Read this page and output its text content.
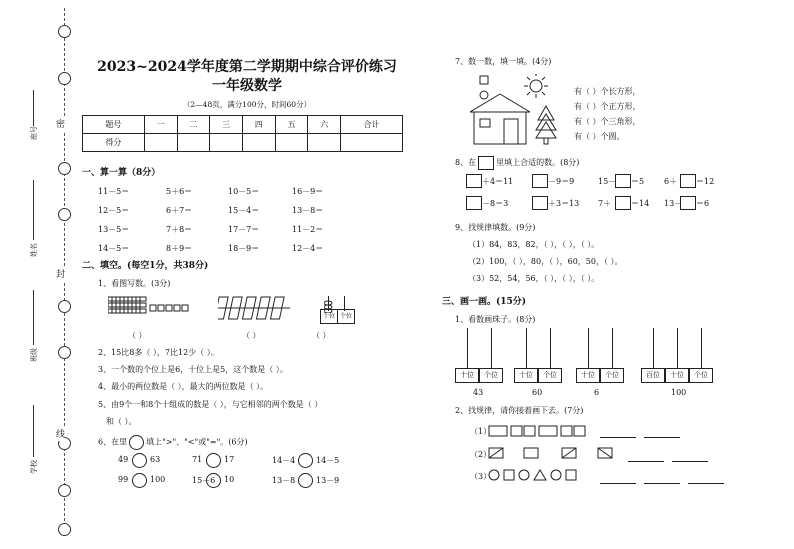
密
封
线
座号
姓名
班级
学校
2023~2024学年度第二学期期中综合评价练习
一年级数学
（2—48页，满分100分，时间60分）
题号	一	二	三	四	五	六	合计
得分							
一、算一算（8分）
11－5＝	5＋6＝	10－5＝	16－9＝
12－5＝	6＋7＝	15－4＝	13－8＝
13－5＝	7＋8＝	17－7＝	11－2＝
14－5＝	8＋9＝	18－9＝	12－4＝
二、填空。(每空1分，共38分)
1、看图写数。(3分)
（ ）	（ ）
十位 个位
（ ）
2、15比8多（ ），7比12少（ ）。
3、一个数的个位上是6，十位上是5，这个数是（ ）。
4、最小的两位数是（ ），最大的两位数是（ ）。
5、由9个一和8个十组成的数是（ ），与它相邻的两个数是（ ）
和（ ）。
6、在里 填上">"、"<"或"="。(6分)
49	63	71	17	14－4	14－5
99	100	15－6 10	13－8	13－9
7、数一数，填一填。(4分)
有（ ）个长方形，
有（ ）个正方形，
有（ ）个三角形，
有（ ）个圆。
8、在	里填上合适的数。(8分)
＋4＝11	－9＝9	15－ ＝5 6＋ ＝12
－8＝3	＋3＝13 7＋ ＝14 13－ ＝6
9、找规律填数。(9分)
（1）84，83，82，（ ），（ ），（ ）。
（2）100，（ ），80，（ ），60，50，（ ）。
（3）52，54，56，（ ），（ ），（ ）。
三、画一画。(15分)
1、看数画珠子。(8分)
十位	个位
43
十位	个位
60
十位	个位
6
百位	十位	个位
100
2、找规律，请你接着画下去。(7分)
（1）
（2）
（3）
